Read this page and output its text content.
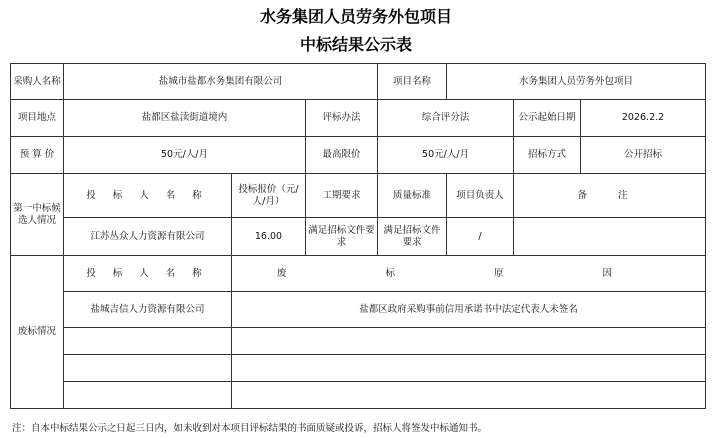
水务集团人员劳务外包项目
中标结果公示表
采购人名称	盐城市盐都水务集团有限公司			项目名称	水务集团人员劳务外包项目		
项目地点	盐都区盐渎街道境内		评标办法	综合评分法		公示起始日期	2026.2.2
预 算 价	50元/人/月		最高限价	50元/人/月		招标方式	公开招标
第一中标候选人情况	投 标 人 名 称	投标报价（元/人/月）	工期要求	质量标准	项目负责人	备 注	
	江苏丛众人力资源有限公司	16.00	满足招标文件要求	满足招标文件要求	/		
废标情况	投 标 人 名 称	废 标 原 因					
	盐城吉信人力资源有限公司	盐都区政府采购事前信用承诺书中法定代表人未签名					

注：自本中标结果公示之日起三日内，如未收到对本项目评标结果的书面质疑或投诉，招标人将签发中标通知书。
